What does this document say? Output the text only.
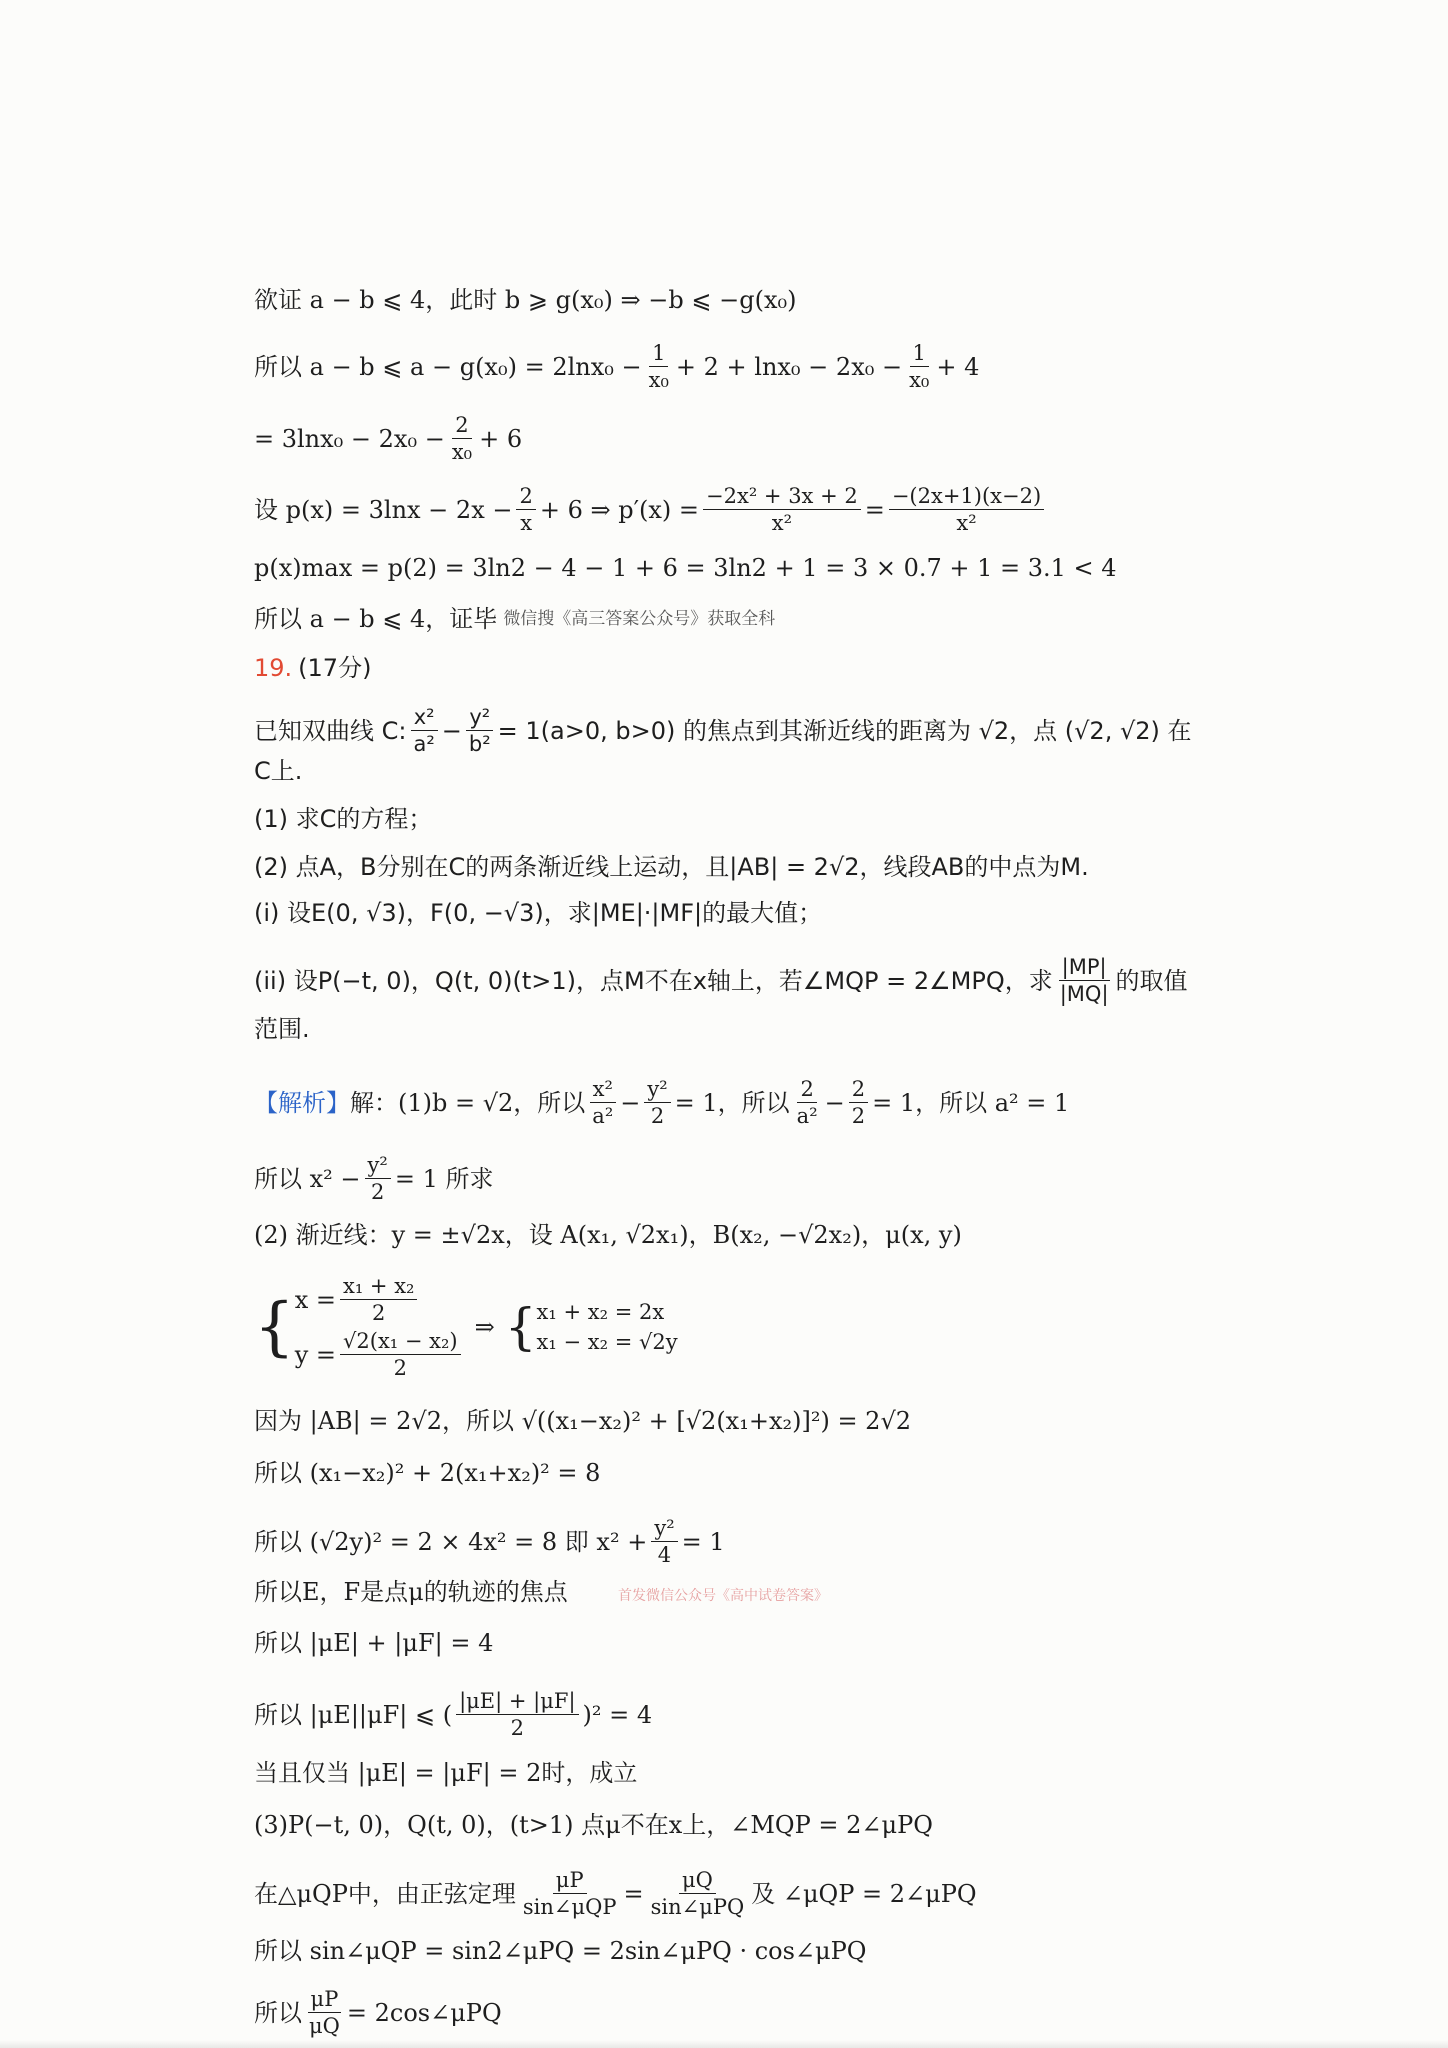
欲证 a − b ⩽ 4，此时 b ⩾ g(x₀) ⇒ −b ⩽ −g(x₀)
所以 a − b ⩽ $a - g(x_0) = 2\ln x_0 - \frac{1}{\text{x₀}} + 2 + \ln x_0 - 2x_0 - \frac{1}{\text{x₀}} + 4$
= $3\ln x_0 - 2x_0 - \frac{2}{\text{x₀}} + 6$
设 $p(x) = 3\ln x - 2x - \frac{2}{x} + 6$ ⇒ $p'(x) = \frac{\text{−2x² + 3x + 2}}{\text{x²}} = \frac{-(2x+1)(x-2)}{\text{x²}}$
p(x)max = p(2) = 3ln2 − 4 − 1 + 6 = 3ln2 + 1 = 3 × 0.7 + 1 = 3.1 < 4
所以 a − b ⩽ 4，证毕 微信搜《高三答案公众号》获取全科
19. (17分)
已知双曲线 C: $\frac{\text{x²}}{\text{a²}} - \frac{\text{y²}}{\text{b²}} = 1(a>0$, b>0) 的焦点到其渐近线的距离为 √2，点 (√2, √2) 在
C上.
(1) 求C的方程；
(2) 点A，B分别在C的两条渐近线上运动，且|AB| = 2√2，线段AB的中点为M.
(i) 设E(0, √3)，F(0, −√3)，求|ME|·|MF|的最大值；
(ii) 设P(−t, 0)，Q(t, 0)(t>1)，点M不在x轴上，若∠MQP = 2∠MPQ，求 $\frac{|MP|}{|MQ|}$ 的取值
范围.
【解析】 解：(1)b = √2，所以 $\frac{\text{x²}}{\text{a²}} - \frac{\text{y²}}{2} = 1$，所以 $\frac{2}{\text{a²}} - \frac{2}{2} = 1$，所以 a² = 1
所以 $x^2 - \frac{\text{y²}}{2} = 1$ 所求
(2) 渐近线：y = ±√2x，设 A(x₁, √2x₁)，B(x₂, −√2x₂)，μ(x, y)
{ $x = \frac{\text{x₁ + x₂}}{2}$
$y = \frac{\text{√2(x₁ − x₂)}}{2}$
⇒ { x₁ + x₂ = 2x
x₁ − x₂ = √2y
因为 |AB| = 2√2，所以 √((x₁−x₂)² + [√2(x₁+x₂)]²) = 2√2
所以 (x₁−x₂)² + 2(x₁+x₂)² = 8
所以 (√2y)² = 2 × 4x² = 8 即 $x^2 + \frac{\text{y²}}{4} = 1$
所以E，F是点μ的轨迹的焦点	首发微信公众号《高中试卷答案》
所以 |μE| + |μF| = 4
所以 |μE||μF| ⩽ ( $\frac{|\mu E| + |\mu F|}{2} )^2 = 4$
当且仅当 |μE| = |μF| = 2时，成立
(3)P(−t, 0)，Q(t, 0)，(t>1) 点μ不在x上，∠MQP = 2∠μPQ
在△μQP中，由正弦定理 $\frac{\mu P}{\text{sin∠μQP}} = \frac{\mu Q}{\text{sin∠μPQ}}$ 及 ∠μQP = 2∠μPQ
所以 sin∠μQP = sin2∠μPQ = 2sin∠μPQ · cos∠μPQ
所以 $\frac{\mu P}{\mu Q}$ = 2cos∠μPQ
